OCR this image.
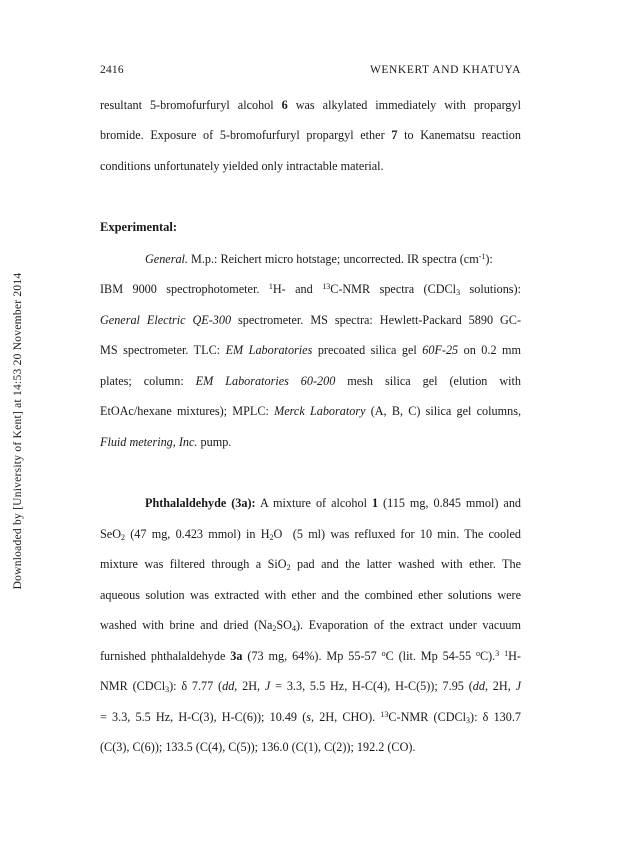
2416	WENKERT AND KHATUYA
Downloaded by [University of Kent] at 14:53 20 November 2014
resultant 5-bromofurfuryl alcohol 6 was alkylated immediately with propargyl
bromide. Exposure of 5-bromofurfuryl propargyl ether 7 to Kanematsu reaction
conditions unfortunately yielded only intractable material.
Experimental:
General. M.p.: Reichert micro hotstage; uncorrected. IR spectra $(cm^{-1})$:
IBM 9000 spectrophotometer. $^1$H- and $^{13}$C-NMR spectra (CDCl$_3$ solutions):
General Electric QE-300 spectrometer. MS spectra: Hewlett-Packard 5890 GC-
MS spectrometer. TLC: EM Laboratories precoated silica gel 60F-25 on 0.2 mm
plates; column: EM Laboratories 60-200 mesh silica gel (elution with
EtOAc/hexane mixtures); MPLC: Merck Laboratory (A, B, C) silica gel columns,
Fluid metering, Inc. pump.
Phthalaldehyde (3a): A mixture of alcohol 1 (115 mg, 0.845 mmol) and
SeO$_2$ (47 mg, 0.423 mmol) in $H_2O$  (5 ml) was refluxed for 10 min. The cooled
mixture was filtered through a SiO$_2$ pad and the latter washed with ether. The
aqueous solution was extracted with ether and the combined ether solutions were
washed with brine and dried $(Na_2SO_4)$. Evaporation of the extract under vacuum
furnished phthalaldehyde 3a (73 mg, 64%). Mp 55-57 $^o$C (lit. Mp 54-55 $^o$C).$^3$ $^1$H-
NMR (CDCl$_3$): δ 7.77 (dd, 2H, J = 3.3, 5.5 Hz, H-C(4), H-C(5)); 7.95 (dd, 2H, J
= 3.3, 5.5 Hz, H-C(3), H-C(6)); 10.49 (s, 2H, CHO). $^{13}$C-NMR (CDCl$_3$): δ 130.7
(C(3), C(6)); 133.5 (C(4), C(5)); 136.0 (C(1), C(2)); 192.2 (CO).
